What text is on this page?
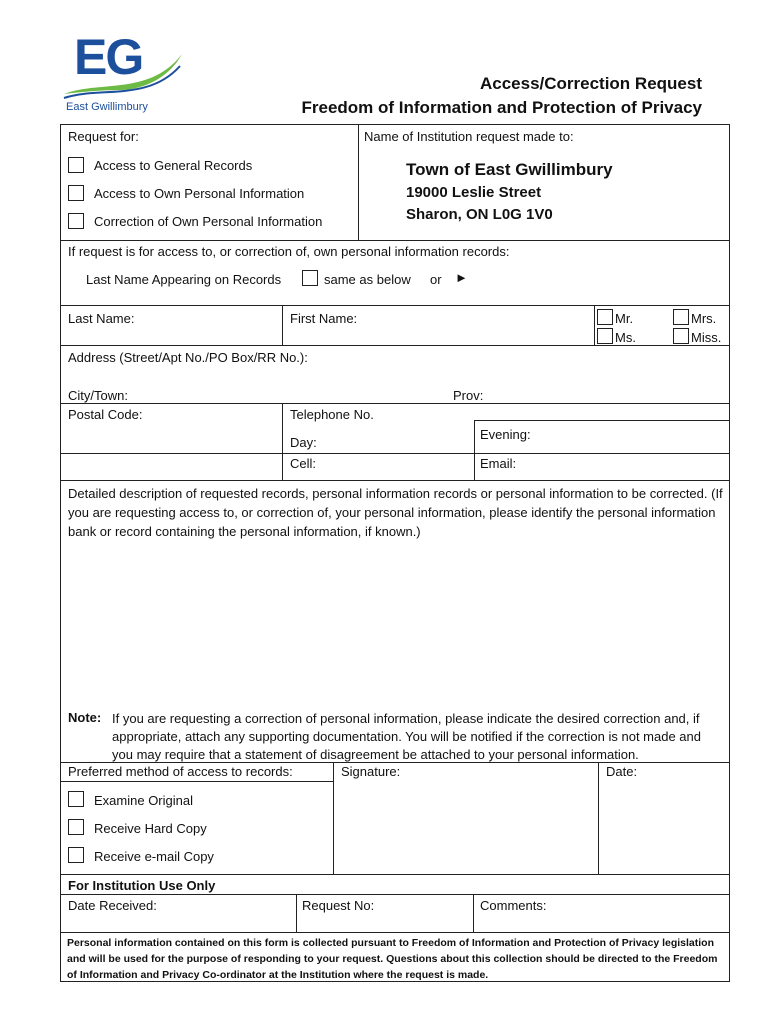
EG
East Gwillimbury
Access/Correction Request
Freedom of Information and Protection of Privacy
Request for:
Access to General Records
Access to Own Personal Information
Correction of Own Personal Information
Name of Institution request made to:
Town of East Gwillimbury
19000 Leslie Street
Sharon, ON L0G 1V0
If request is for access to, or correction of, own personal information records:
Last Name Appearing on Records	same as below or ►
Last Name:	First Name:	Mr.	Mrs.
Ms.	Miss.
Address (Street/Apt No./PO Box/RR No.):
City/Town:	Prov:
Postal Code:	Telephone No.
Day:
Evening:
Cell:	Email:
Detailed description of requested records, personal information records or personal information to be corrected. (If you are requesting access to, or correction of, your personal information, please identify the personal information bank or record containing the personal information, if known.)
Note: If you are requesting a correction of personal information, please indicate the desired correction and, if appropriate, attach any supporting documentation. You will be notified if the correction is not made and you may require that a statement of disagreement be attached to your personal information.
Preferred method of access to records:	Signature:	Date:
Examine Original
Receive Hard Copy
Receive e-mail Copy
For Institution Use Only
Date Received:	Request No:	Comments:
Personal information contained on this form is collected pursuant to Freedom of Information and Protection of Privacy legislation and will be used for the purpose of responding to your request. Questions about this collection should be directed to the Freedom of Information and Privacy Co-ordinator at the Institution where the request is made.
